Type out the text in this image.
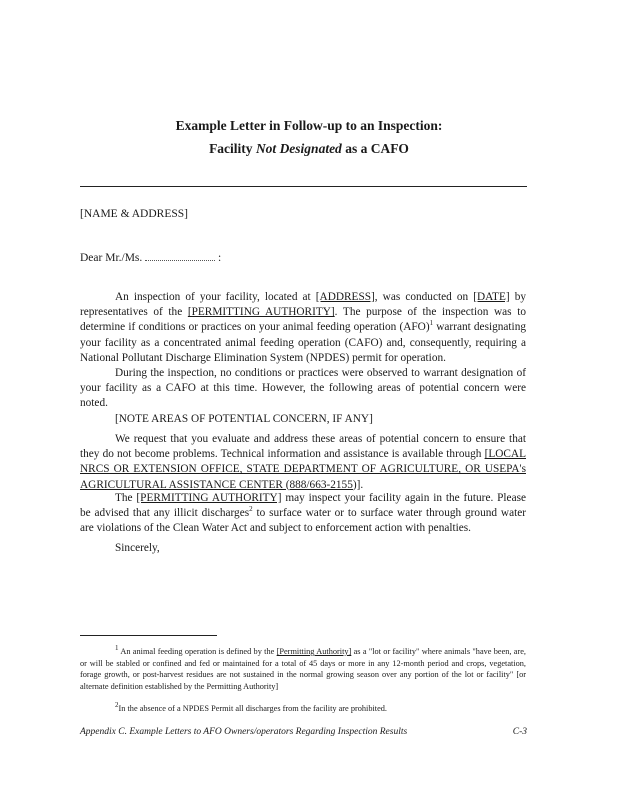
Example Letter in Follow-up to an Inspection:
Facility Not Designated as a CAFO
[NAME & ADDRESS]
Dear Mr./Ms.	:

An inspection of your facility, located at [ADDRESS], was conducted on [DATE] by representatives of the [PERMITTING AUTHORITY]. The purpose of the inspection was to determine if conditions or practices on your animal feeding operation (AFO)$^1$ warrant designating your facility as a concentrated animal feeding operation (CAFO) and, consequently, requiring a National Pollutant Discharge Elimination System (NPDES) permit for operation.

During the inspection, no conditions or practices were observed to warrant designation of your facility as a CAFO at this time. However, the following areas of potential concern were noted.

[NOTE AREAS OF POTENTIAL CONCERN, IF ANY]

We request that you evaluate and address these areas of potential concern to ensure that they do not become problems. Technical information and assistance is available through [LOCAL NRCS OR EXTENSION OFFICE, STATE DEPARTMENT OF AGRICULTURE, OR USEPA's AGRICULTURAL ASSISTANCE CENTER (888/663-2155)].

The [PERMITTING AUTHORITY] may inspect your facility again in the future. Please be advised that any illicit discharges$^2$ to surface water or to surface water through ground water are violations of the Clean Water Act and subject to enforcement action with penalties.

Sincerely,

$^1$ An animal feeding operation is defined by the [Permitting Authority] as a "lot or facility" where animals "have been, are, or will be stabled or confined and fed or maintained for a total of 45 days or more in any 12-month period and crops, vegetation, forage growth, or post-harvest residues are not sustained in the normal growing season over any portion of the lot or facility" [or alternate definition established by the Permitting Authority]
$^2$In the absence of a NPDES Permit all discharges from the facility are prohibited.
Appendix C. Example Letters to AFO Owners/operators Regarding Inspection Results	C-3
